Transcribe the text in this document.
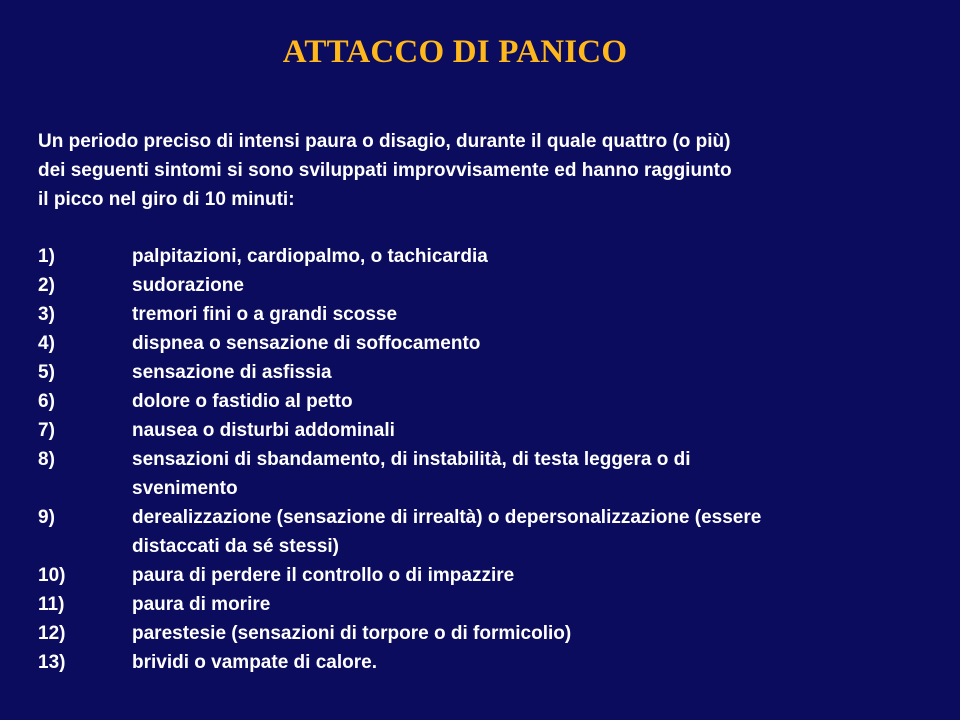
ATTACCO DI PANICO
Un periodo preciso di intensi paura o disagio, durante il quale quattro (o più)
dei seguenti sintomi si sono sviluppati improvvisamente ed hanno raggiunto
il picco nel giro di 10 minuti:
1)	palpitazioni, cardiopalmo, o tachicardia
2)	sudorazione
3)	tremori fini o a grandi scosse
4)	dispnea o sensazione di soffocamento
5)	sensazione di asfissia
6)	dolore o fastidio al petto
7)	nausea o disturbi addominali
8)	sensazioni di sbandamento, di instabilità, di testa leggera o di
svenimento
9)	derealizzazione (sensazione di irrealtà) o depersonalizzazione (essere
distaccati da sé stessi)
10)	paura di perdere il controllo o di impazzire
11)	paura di morire
12)	parestesie (sensazioni di torpore o di formicolio)
13)	brividi o vampate di calore.
